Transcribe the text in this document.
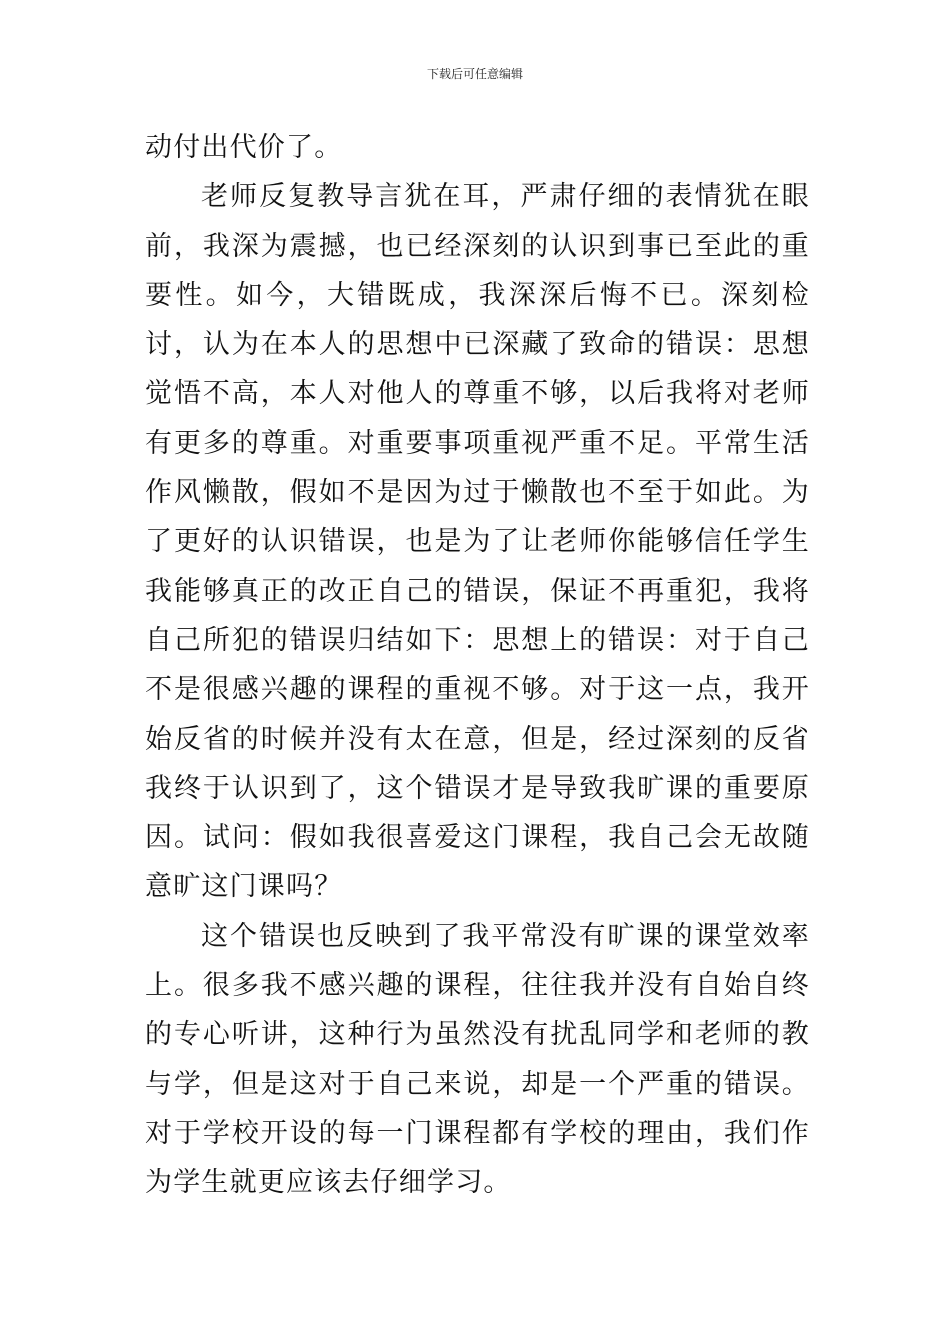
下载后可任意编辑

动付出代价了。

老师反复教导言犹在耳，严肃仔细的表情犹在眼前，我深为震撼，也已经深刻的认识到事已至此的重要性。如今，大错既成，我深深后悔不已。深刻检讨，认为在本人的思想中已深藏了致命的错误：思想觉悟不高，本人对他人的尊重不够，以后我将对老师有更多的尊重。对重要事项重视严重不足。平常生活作风懒散，假如不是因为过于懒散也不至于如此。为了更好的认识错误，也是为了让老师你能够信任学生我能够真正的改正自己的错误，保证不再重犯，我将自己所犯的错误归结如下：思想上的错误：对于自己不是很感兴趣的课程的重视不够。对于这一点，我开始反省的时候并没有太在意，但是，经过深刻的反省我终于认识到了，这个错误才是导致我旷课的重要原因。试问：假如我很喜爱这门课程，我自己会无故随意旷这门课吗？

这个错误也反映到了我平常没有旷课的课堂效率上。很多我不感兴趣的课程，往往我并没有自始自终的专心听讲，这种行为虽然没有扰乱同学和老师的教与学，但是这对于自己来说，却是一个严重的错误。对于学校开设的每一门课程都有学校的理由，我们作为学生就更应该去仔细学习。
